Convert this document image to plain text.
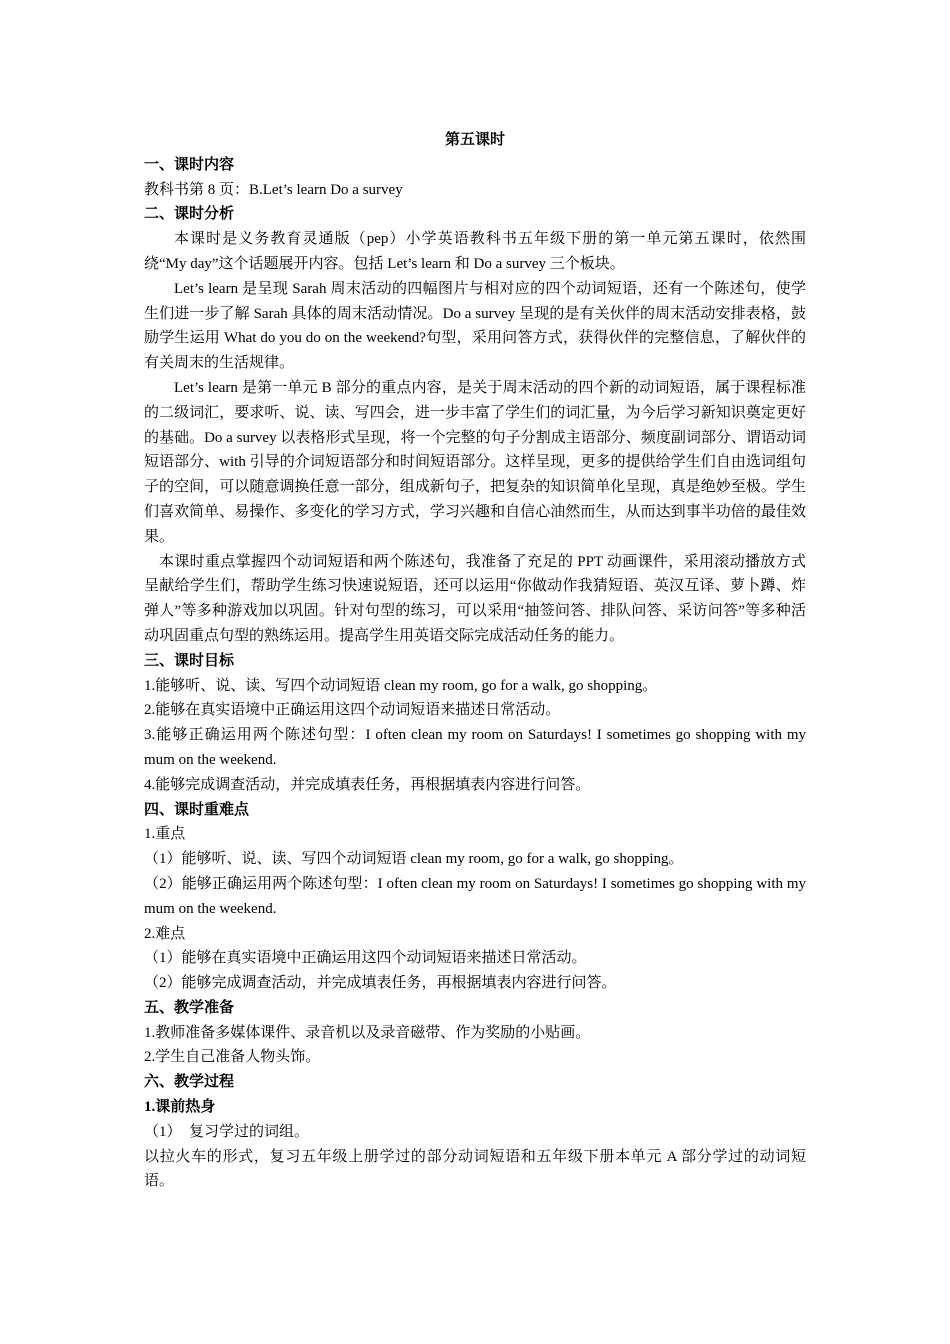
第五课时
一、课时内容
教科书第 8 页：B.Let’s learn Do a survey
二、课时分析

本课时是义务教育灵通版（pep）小学英语教科书五年级下册的第一单元第五课时，依然围绕“My day”这个话题展开内容。包括 Let’s learn 和 Do a survey 三个板块。

Let’s learn 是呈现 Sarah 周末活动的四幅图片与相对应的四个动词短语，还有一个陈述句，使学生们进一步了解 Sarah 具体的周末活动情况。Do a survey 呈现的是有关伙伴的周末活动安排表格，鼓励学生运用 What do you do on the weekend?句型，采用问答方式，获得伙伴的完整信息，了解伙伴的有关周末的生活规律。

Let’s learn 是第一单元 B 部分的重点内容，是关于周末活动的四个新的动词短语，属于课程标准的二级词汇，要求听、说、读、写四会，进一步丰富了学生们的词汇量，为今后学习新知识奠定更好的基础。Do a survey 以表格形式呈现，将一个完整的句子分割成主语部分、频度副词部分、谓语动词短语部分、with 引导的介词短语部分和时间短语部分。这样呈现，更多的提供给学生们自由选词组句子的空间，可以随意调换任意一部分，组成新句子，把复杂的知识简单化呈现，真是绝妙至极。学生们喜欢简单、易操作、多变化的学习方式，学习兴趣和自信心油然而生，从而达到事半功倍的最佳效果。

本课时重点掌握四个动词短语和两个陈述句，我准备了充足的 PPT 动画课件，采用滚动播放方式呈献给学生们，帮助学生练习快速说短语，还可以运用“你做动作我猜短语、英汉互译、萝卜蹲、炸弹人”等多种游戏加以巩固。针对句型的练习，可以采用“抽签问答、排队问答、采访问答”等多种活动巩固重点句型的熟练运用。提高学生用英语交际完成活动任务的能力。

三、课时目标

1.能够听、说、读、写四个动词短语 clean my room, go for a walk, go shopping。

2.能够在真实语境中正确运用这四个动词短语来描述日常活动。

3.能够正确运用两个陈述句型：I often clean my room on Saturdays! I sometimes go shopping with my mum on the weekend.

4.能够完成调查活动，并完成填表任务，再根据填表内容进行问答。

四、课时重难点

1.重点

（1）能够听、说、读、写四个动词短语 clean my room, go for a walk, go shopping。

（2）能够正确运用两个陈述句型：I often clean my room on Saturdays! I sometimes go shopping with my mum on the weekend.

2.难点

（1）能够在真实语境中正确运用这四个动词短语来描述日常活动。

（2）能够完成调查活动，并完成填表任务，再根据填表内容进行问答。

五、教学准备

1.教师准备多媒体课件、录音机以及录音磁带、作为奖励的小贴画。

2.学生自己准备人物头饰。

六、教学过程
1.课前热身

（1）　复习学过的词组。

以拉火车的形式，复习五年级上册学过的部分动词短语和五年级下册本单元 A 部分学过的动词短语。
